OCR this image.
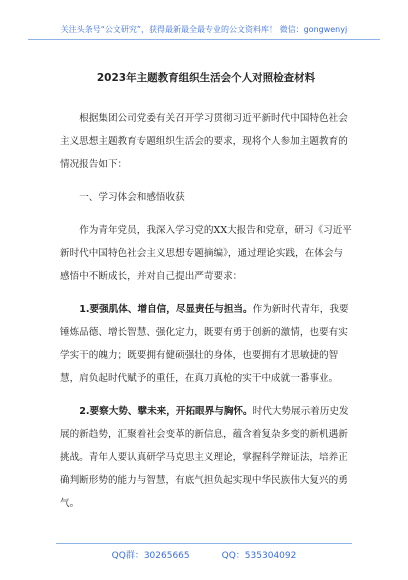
关注头条号“公文研究”，获得最新最全最专业的公文资料库！ 微信：gongwenyj
2023年主题教育组织生活会个人对照检查材料

根据集团公司党委有关召开学习贯彻习近平新时代中国特色社会主义思想主题教育专题组织生活会的要求，现将个人参加主题教育的情况报告如下：

一、学习体会和感悟收获

作为青年党员，我深入学习党的XX大报告和党章，研习《习近平新时代中国特色社会主义思想专题摘编》，通过理论实践，在体会与感悟中不断成长，并对自己提出严苛要求：

1.要强肌体、增自信，尽显责任与担当。作为新时代青年，我要锤炼品德、增长智慧、强化定力，既要有勇于创新的激情，也要有实学实干的魄力；既要拥有健硕强壮的身体，也要拥有才思敏捷的智慧，肩负起时代赋予的重任，在真刀真枪的实干中成就一番事业。

2.要察大势、擘未来，开拓眼界与胸怀。时代大势展示着历史发展的新趋势，汇聚着社会变革的新信息，蕴含着复杂多变的新机遇新挑战。青年人要认真研学马克思主义理论，掌握科学辩证法，培养正确判断形势的能力与智慧，有底气担负起实现中华民族伟大复兴的勇气。

QQ群：30265665	QQ：535304092
